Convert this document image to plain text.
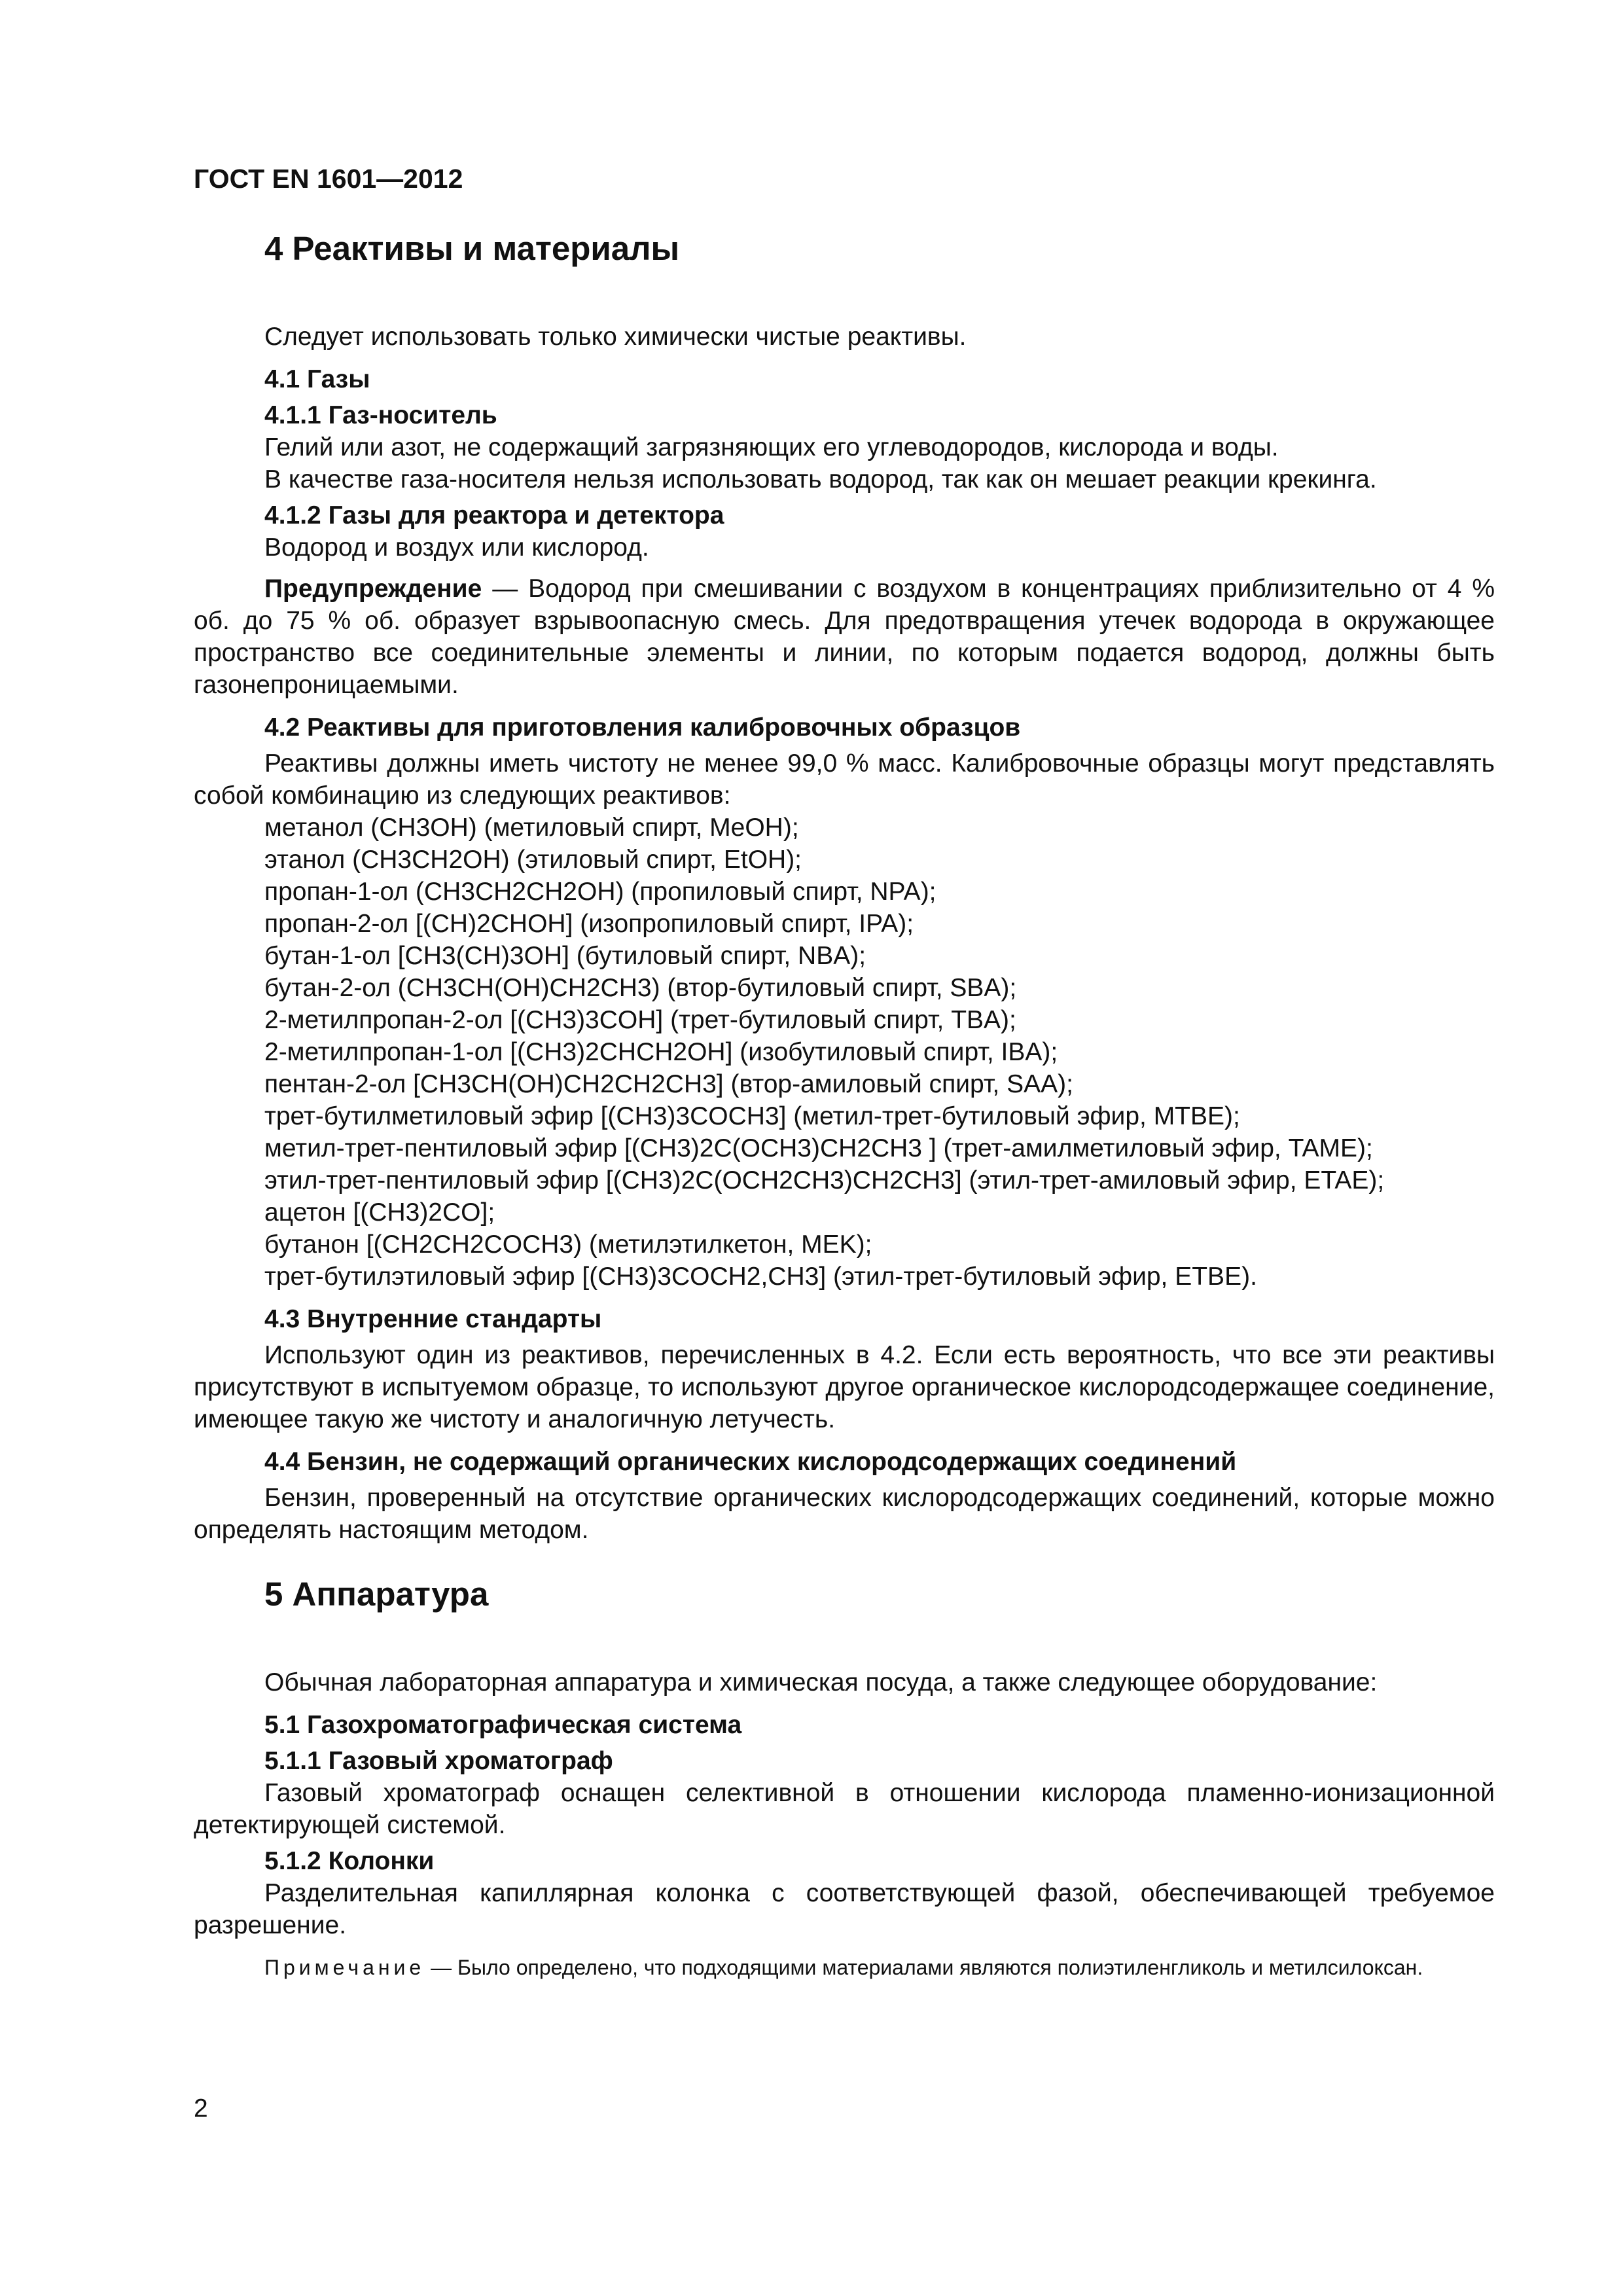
ГОСТ EN 1601—2012
4 Реактивы и материалы

Следует использовать только химически чистые реактивы.

4.1 Газы
4.1.1 Газ-носитель

Гелий или азот, не содержащий загрязняющих его углеводородов, кислорода и воды.

В качестве газа-носителя нельзя использовать водород, так как он мешает реакции крекинга.

4.1.2 Газы для реактора и детектора

Водород и воздух или кислород.

Предупреждение — Водород при смешивании с воздухом в концентрациях приблизительно от 4 % об. до 75 % об. образует взрывоопасную смесь. Для предотвращения утечек водорода в окружающее пространство все соединительные элементы и линии, по которым подается водород, должны быть газонепроницаемыми.

4.2 Реактивы для приготовления калибровочных образцов

Реактивы должны иметь чистоту не менее 99,0 % масс. Калибровочные образцы могут представлять собой комбинацию из следующих реактивов:

метанол (CH3OH) (метиловый спирт, MeOH);
этанол (CH3CH2OH) (этиловый спирт, EtOH);
пропан-1-ол (CH3CH2CH2OH) (пропиловый спирт, NPA);
пропан-2-ол [(CH)2CHOH] (изопропиловый спирт, IPA);
бутан-1-ол [CH3(CH)3OH] (бутиловый спирт, NBA);
бутан-2-ол (CH3CH(OH)CH2CH3) (втор-бутиловый спирт, SBA);
2-метилпропан-2-ол [(CH3)3COH] (трет-бутиловый спирт, TBA);
2-метилпропан-1-ол [(CH3)2CHCH2OH] (изобутиловый спирт, IBA);
пентан-2-ол [CH3CH(OH)CH2CH2CH3] (втор-амиловый спирт, SAA);
трет-бутилметиловый эфир [(CH3)3COCH3] (метил-трет-бутиловый эфир, MTBE);
метил-трет-пентиловый эфир [(CH3)2C(OCH3)CH2CH3 ] (трет-амилметиловый эфир, TAME);
этил-трет-пентиловый эфир [(CH3)2C(OCH2CH3)CH2CH3] (этил-трет-амиловый эфир, ETAE);
ацетон [(CH3)2CO];
бутанон [(CH2CH2COCH3) (метилэтилкетон, MEK);
трет-бутилэтиловый эфир [(CH3)3COCH2,CH3] (этил-трет-бутиловый эфир, ETBE).
4.3 Внутренние стандарты

Используют один из реактивов, перечисленных в 4.2. Если есть вероятность, что все эти реактивы присутствуют в испытуемом образце, то используют другое органическое кислородсодержащее соединение, имеющее такую же чистоту и аналогичную летучесть.

4.4 Бензин, не содержащий органических кислородсодержащих соединений

Бензин, проверенный на отсутствие органических кислородсодержащих соединений, которые можно определять настоящим методом.

5 Аппаратура

Обычная лабораторная аппаратура и химическая посуда, а также следующее оборудование:

5.1 Газохроматографическая система
5.1.1 Газовый хроматограф

Газовый хроматограф оснащен селективной в отношении кислорода пламенно-ионизационной детектирующей системой.

5.1.2 Колонки

Разделительная капиллярная колонка с соответствующей фазой, обеспечивающей требуемое разрешение.

Примечание — Было определено, что подходящими материалами являются полиэтиленгликоль и метилсилоксан.

2
